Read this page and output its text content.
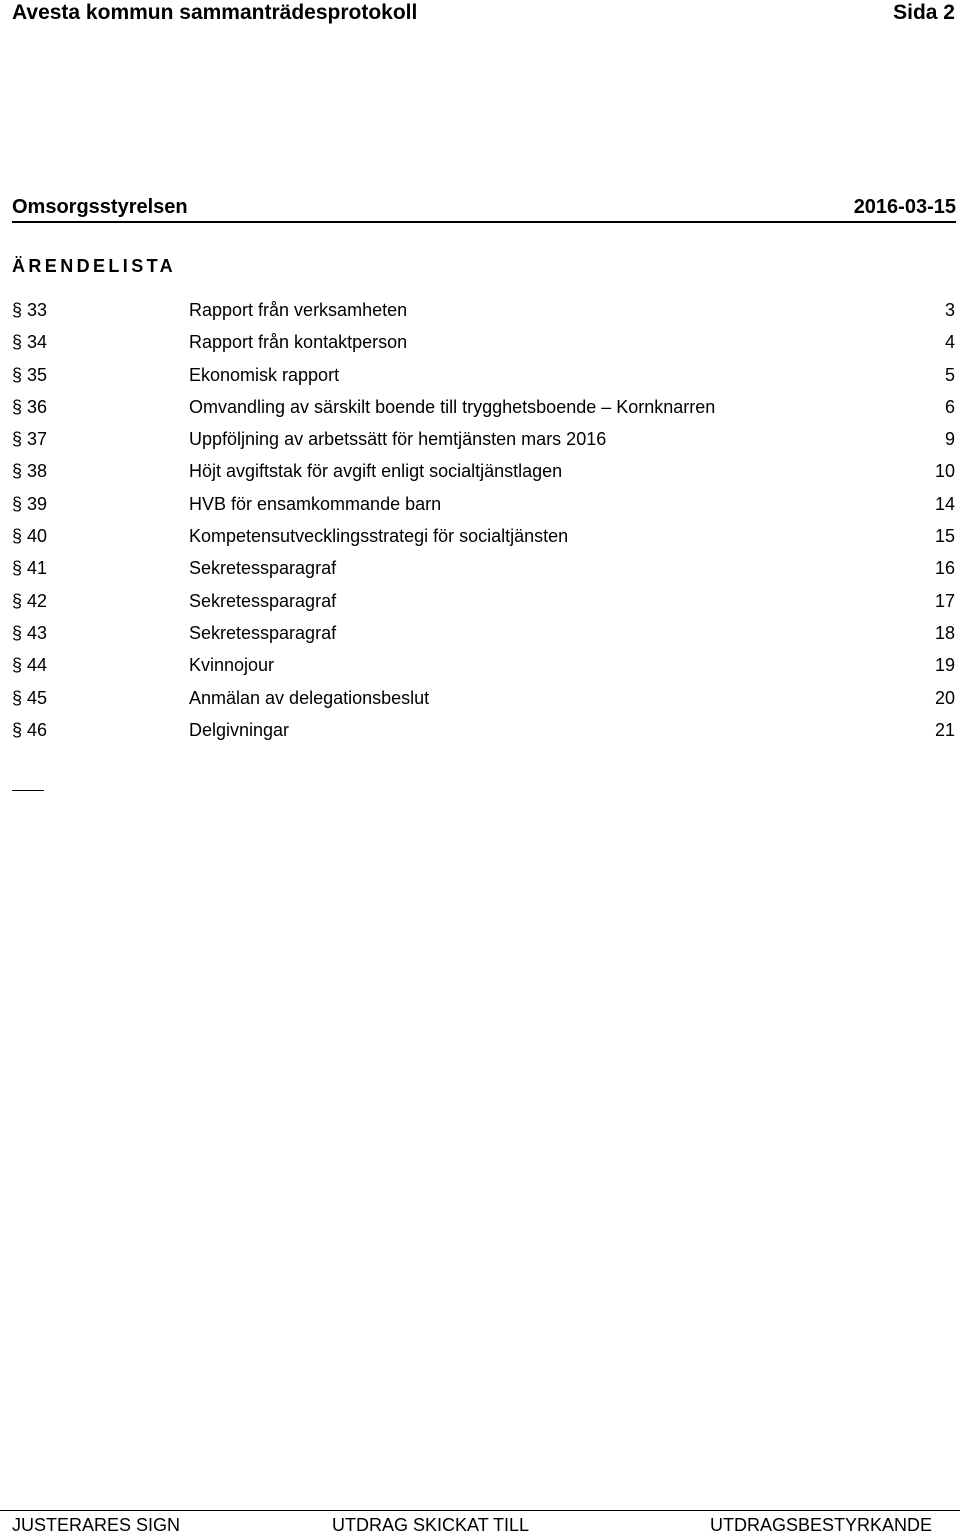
Avesta kommun sammanträdesprotokoll	Sida 2
Omsorgsstyrelsen	2016-03-15
ÄRENDELISTA
§ 33	Rapport från verksamheten	3
§ 34	Rapport från kontaktperson	4
§ 35	Ekonomisk rapport	5
§ 36	Omvandling av särskilt boende till trygghetsboende – Kornknarren	6
§ 37	Uppföljning av arbetssätt för hemtjänsten mars 2016	9
§ 38	Höjt avgiftstak för avgift enligt socialtjänstlagen	10
§ 39	HVB för ensamkommande barn	14
§ 40	Kompetensutvecklingsstrategi för socialtjänsten	15
§ 41	Sekretessparagraf	16
§ 42	Sekretessparagraf	17
§ 43	Sekretessparagraf	18
§ 44	Kvinnojour	19
§ 45	Anmälan av delegationsbeslut	20
§ 46	Delgivningar	21
JUSTERARES SIGN	UTDRAG SKICKAT TILL	UTDRAGSBESTYRKANDE
